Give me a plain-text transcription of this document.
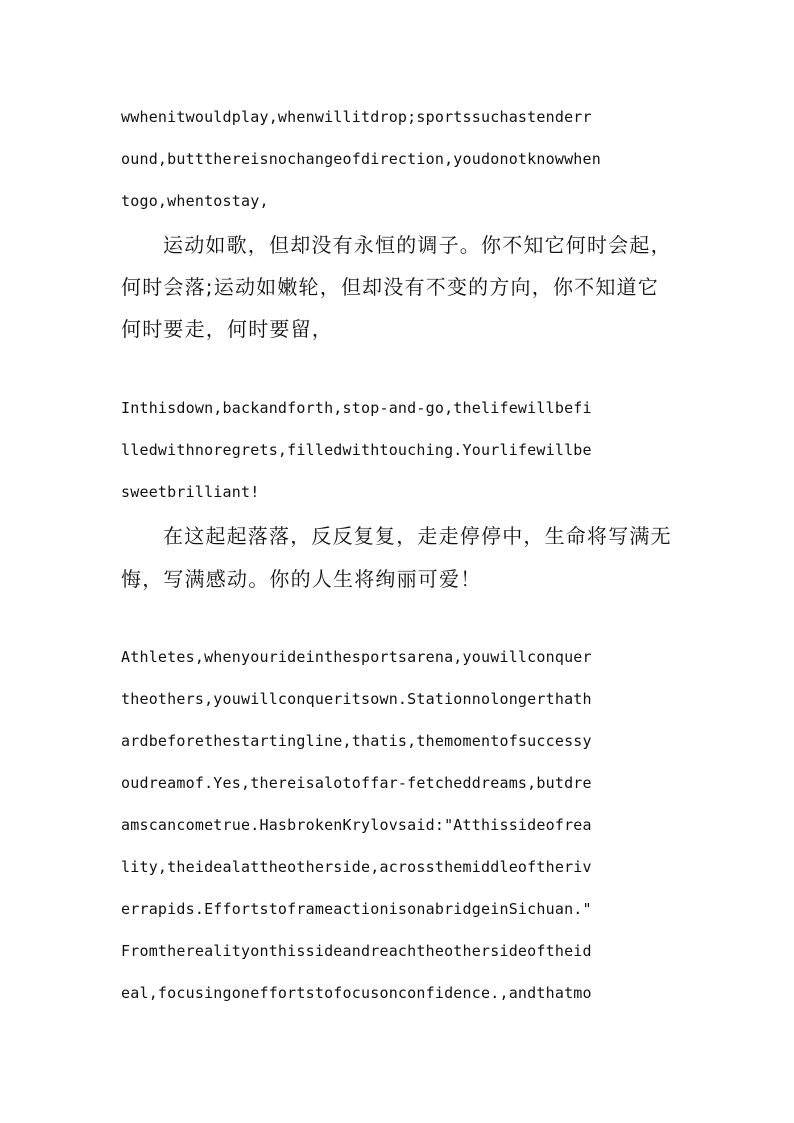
wwhenitwouldplay,whenwillitdrop;sportssuchastenderr
ound,buttthereisnochangeofdirection,youdonotknowwhen
togo,whentostay,
运动如歌，但却没有永恒的调子。你不知它何时会起，
何时会落;运动如嫩轮，但却没有不变的方向，你不知道它
何时要走，何时要留，
Inthisdown,backandforth,stop-and-go,thelifewillbefi
lledwithnoregrets,filledwithtouching.Yourlifewillbe
sweetbrilliant!
在这起起落落，反反复复，走走停停中，生命将写满无
悔，写满感动。你的人生将绚丽可爱！
Athletes,whenyourideinthesportsarena,youwillconquer
theothers,youwillconqueritsown.Stationnolongerthath
ardbeforethestartingline,thatis,themomentofsuccessy
oudreamof.Yes,thereisalotoffar-fetcheddreams,butdre
amscancometrue.HasbrokenKrylovsaid:"Atthissideofrea
lity,theidealattheotherside,acrossthemiddleoftheriv
errapids.EffortstoframeactionisonabridgeinSichuan."
Fromtherealityonthissideandreachtheothersideoftheid
eal,focusingoneffortstofocusonconfidence.,andthatmo
